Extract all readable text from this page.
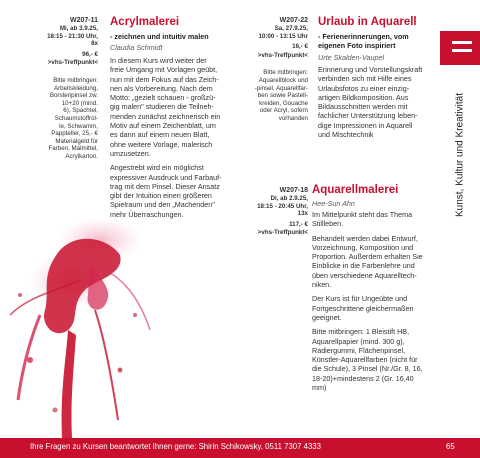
W207-11
Mi, ab 3.9.25,
18:15 - 21:30 Uhr,
8x
96,- €
>vhs-Treffpunkt<

Bitte mitbringen:

Arbeitskleidung,

Borstenpinsel zw.

10+20 (mind.

6), Spachtel,

Schaumstoffrol-

le, Schwamm,

Pappteller, 25,- €

Materialgeld für

Farben, Malmittel,

Acrylkarton.

Acrylmalerei
- zeichnen und intuitiv malen
Claudia Schmidt

In diesem Kurs wird weiter der
freie Umgang mit Vorlagen geübt,
nun mit dem Fokus auf das Zeich-
nen als Vorbereitung. Nach dem
Motto: „gezielt schauen - großzü-
gig malen" studieren die Teilneh-
menden zunächst zeichnerisch ein
Motiv auf einem Zeichenblatt, um
es dann auf einem neuen Blatt,
ohne weitere Vorlage, malerisch
umzusetzen.

Angestrebt wird ein möglichst
expressiver Ausdruck und Farbauf-
trag mit dem Pinsel. Dieser Ansatz
gibt der Intuition einen größeren
Spielraum und den „Machenden"
mehr Überraschungen.

W207-22
Sa, 27.9.25,
10:00 - 13:15 Uhr
16,- €
>vhs-Treffpunkt<

Bitte mitbringen:

Aquarellblock und

-pinsel, Aquarellfar-

ben sowie Pastell-

kreiden, Gouache

oder Acryl, sofern

vorhanden

Urlaub in Aquarell
- Ferienerinnerungen, vom
eigenen Foto inspiriert
Urte Skalden-Vaupel

Erinnerung und Vorstellungskraft
verbinden sich mit Hilfe eines
Urlaubsfotos zu einer einzig-
artigen Bildkomposition. Aus
Bildausschnitten werden mit
fachlicher Unterstützung leben-
dige Impressionen in Aquarell
und Mischtechnik

W207-18
Di, ab 2.9.25,
18:15 - 20:45 Uhr,
13x
117,- €
>vhs-Treffpunkt<
Aquarellmalerei
Hee-Sun Ahn

Im Mittelpunkt steht das Thema
Stillleben.

Behandelt werden dabei Entwurf,
Vorzeichnung, Komposition und
Proportion. Außerdem erhalten Sie
Einblicke in die Farbenlehre und
üben verschiedene Aquarelltech-
niken.

Der Kurs ist für Ungeübte und
Fortgeschrittene gleichermaßen
geeignet.

Bitte mitbringen: 1 Bleistift HB,
Aquarellpapier (mind. 300 g),
Radiergummi, Flächenpinsel,
Künstler-Aquarellfarben (nicht für
die Schule), 3 Pinsel (Nr./Gr. 8, 16,
18-20)+mindestens 2 (Gr. 16,40
mm)

Kunst, Kultur und Kreativität
Ihre Fragen zu Kursen beantwortet Ihnen gerne: Shirin Schikowsky, 0511 7307 4333	65
